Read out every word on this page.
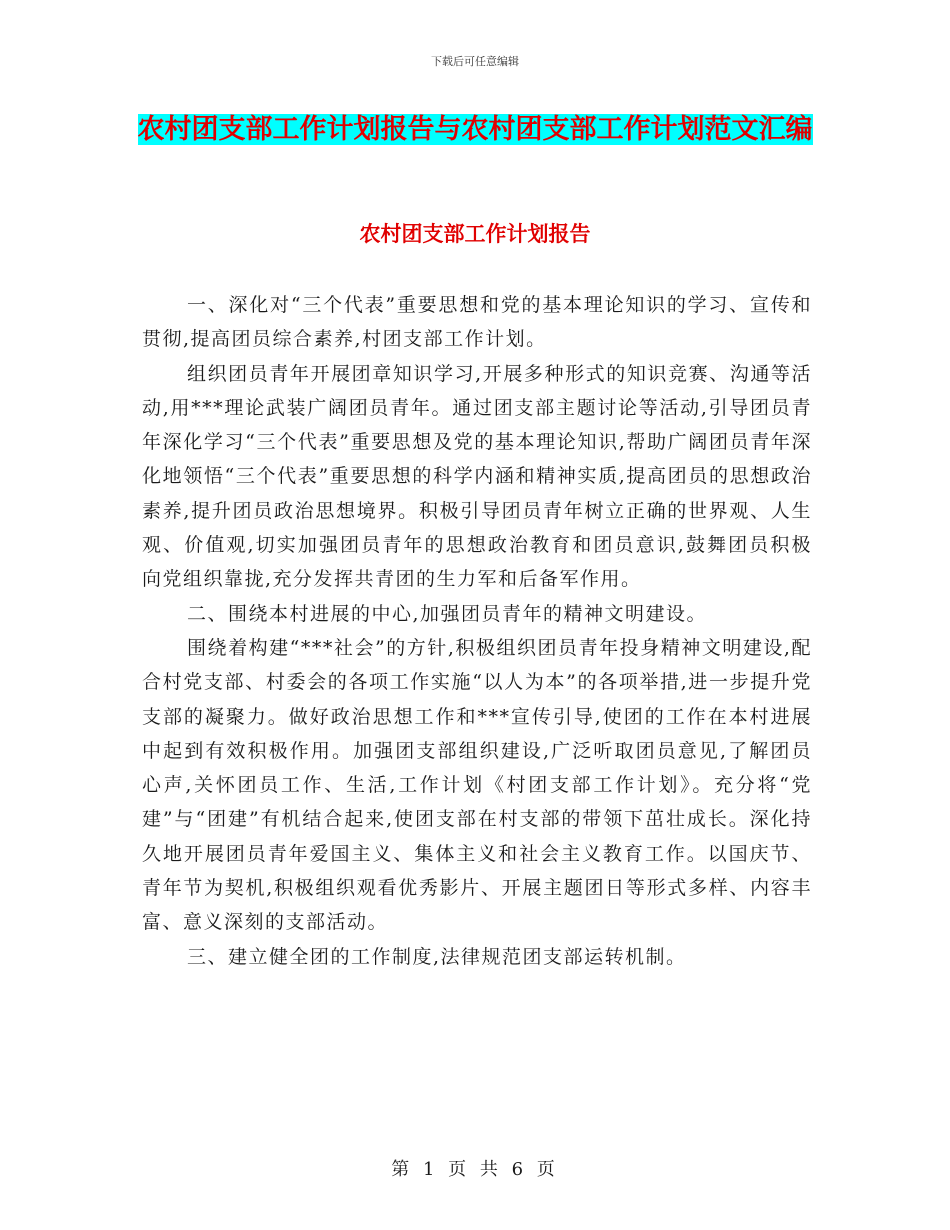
下载后可任意编辑
农村团支部工作计划报告与农村团支部工作计划范文汇编
农村团支部工作计划报告

一、深化对“三个代表”重要思想和党的基本理论知识的学习、宣传和贯彻,提高团员综合素养,村团支部工作计划。

组织团员青年开展团章知识学习,开展多种形式的知识竞赛、沟通等活动,用***理论武装广阔团员青年。通过团支部主题讨论等活动,引导团员青年深化学习“三个代表”重要思想及党的基本理论知识,帮助广阔团员青年深化地领悟“三个代表”重要思想的科学内涵和精神实质,提高团员的思想政治素养,提升团员政治思想境界。积极引导团员青年树立正确的世界观、人生观、价值观,切实加强团员青年的思想政治教育和团员意识,鼓舞团员积极向党组织靠拢,充分发挥共青团的生力军和后备军作用。

二、围绕本村进展的中心,加强团员青年的精神文明建设。

围绕着构建“***社会”的方针,积极组织团员青年投身精神文明建设,配合村党支部、村委会的各项工作实施“以人为本”的各项举措,进一步提升党支部的凝聚力。做好政治思想工作和***宣传引导,使团的工作在本村进展中起到有效积极作用。加强团支部组织建设,广泛听取团员意见,了解团员心声,关怀团员工作、生活,工作计划《村团支部工作计划》。充分将“党建”与“团建”有机结合起来,使团支部在村支部的带领下茁壮成长。深化持久地开展团员青年爱国主义、集体主义和社会主义教育工作。以国庆节、青年节为契机,积极组织观看优秀影片、开展主题团日等形式多样、内容丰富、意义深刻的支部活动。

三、建立健全团的工作制度,法律规范团支部运转机制。

第 1 页 共 6 页
